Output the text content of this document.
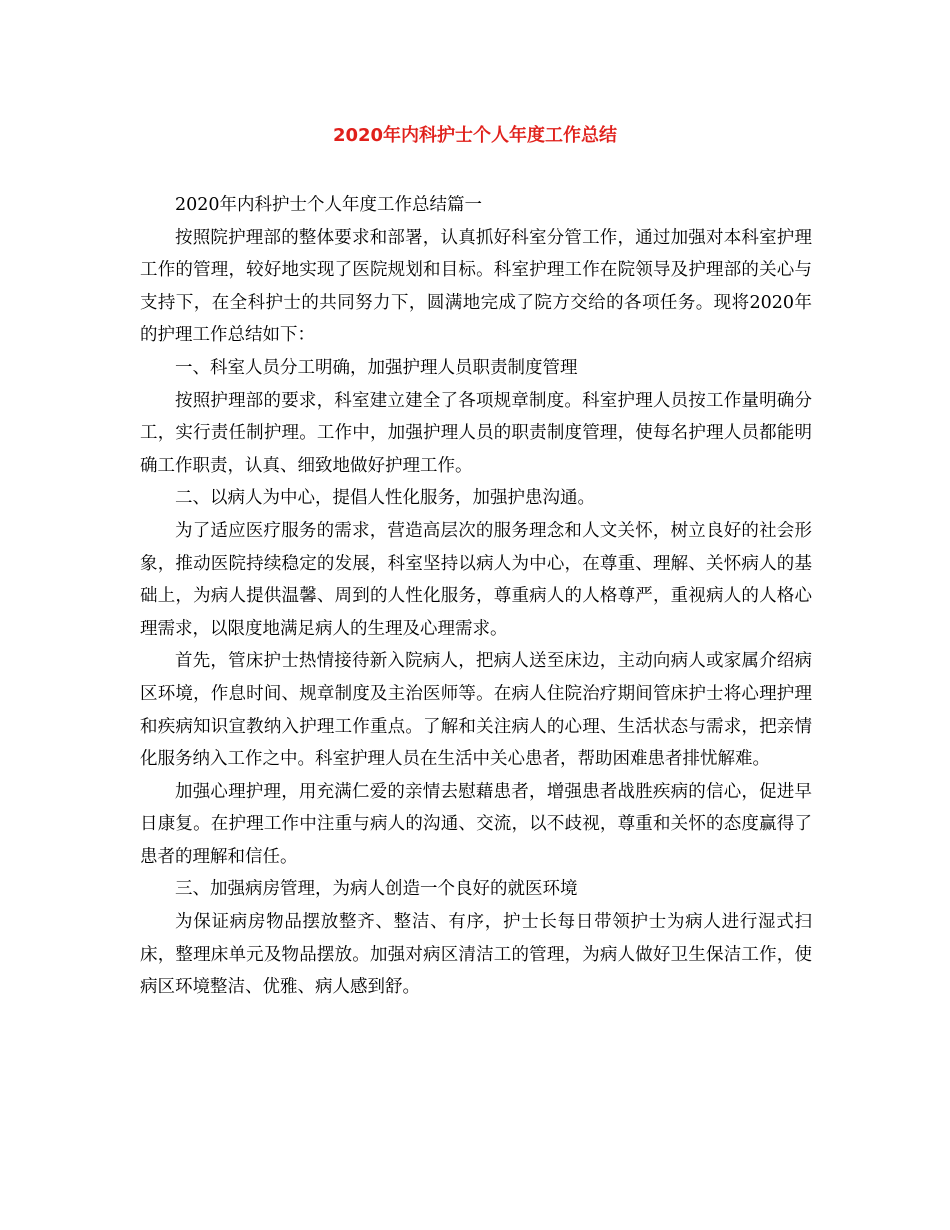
2020年内科护士个人年度工作总结

2020年内科护士个人年度工作总结篇一

按照院护理部的整体要求和部署，认真抓好科室分管工作，通过加强对本科室护理工作的管理，较好地实现了医院规划和目标。科室护理工作在院领导及护理部的关心与支持下，在全科护士的共同努力下，圆满地完成了院方交给的各项任务。现将2020年的护理工作总结如下：

一、科室人员分工明确，加强护理人员职责制度管理

按照护理部的要求，科室建立建全了各项规章制度。科室护理人员按工作量明确分工，实行责任制护理。工作中，加强护理人员的职责制度管理，使每名护理人员都能明确工作职责，认真、细致地做好护理工作。

二、以病人为中心，提倡人性化服务，加强护患沟通。

为了适应医疗服务的需求，营造高层次的服务理念和人文关怀，树立良好的社会形象，推动医院持续稳定的发展，科室坚持以病人为中心，在尊重、理解、关怀病人的基础上，为病人提供温馨、周到的人性化服务，尊重病人的人格尊严，重视病人的人格心理需求，以限度地满足病人的生理及心理需求。

首先，管床护士热情接待新入院病人，把病人送至床边，主动向病人或家属介绍病区环境，作息时间、规章制度及主治医师等。在病人住院治疗期间管床护士将心理护理和疾病知识宣教纳入护理工作重点。了解和关注病人的心理、生活状态与需求，把亲情化服务纳入工作之中。科室护理人员在生活中关心患者，帮助困难患者排忧解难。

加强心理护理，用充满仁爱的亲情去慰藉患者，增强患者战胜疾病的信心，促进早日康复。在护理工作中注重与病人的沟通、交流，以不歧视，尊重和关怀的态度赢得了患者的理解和信任。

三、加强病房管理，为病人创造一个良好的就医环境

为保证病房物品摆放整齐、整洁、有序，护士长每日带领护士为病人进行湿式扫床，整理床单元及物品摆放。加强对病区清洁工的管理，为病人做好卫生保洁工作，使病区环境整洁、优雅、病人感到舒。
